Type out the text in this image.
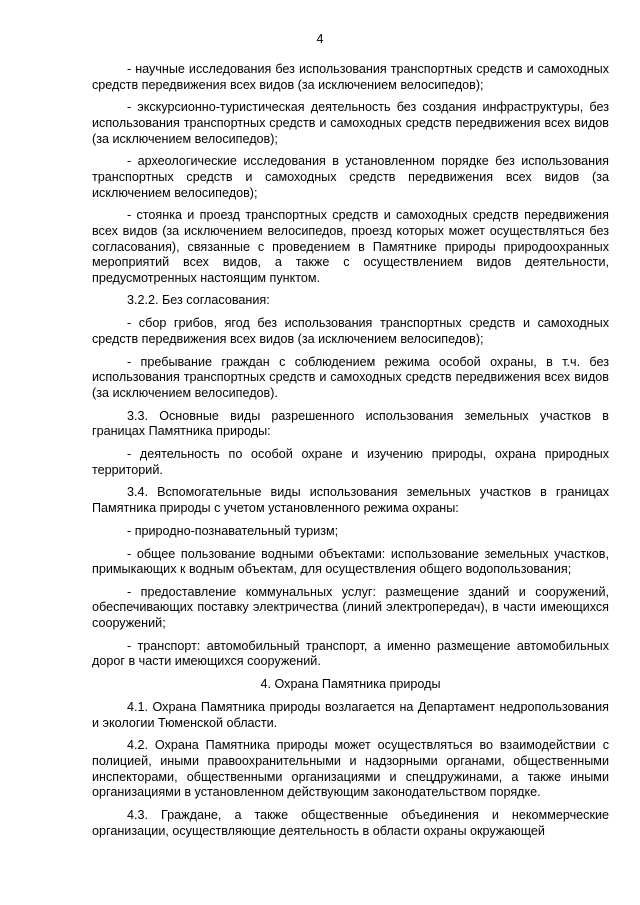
4

- научные исследования без использования транспортных средств и самоходных средств передвижения всех видов (за исключением велосипедов);

- экскурсионно-туристическая деятельность без создания инфраструктуры, без использования транспортных средств и самоходных средств передвижения всех видов (за исключением велосипедов);

- археологические исследования в установленном порядке без использования транспортных средств и самоходных средств передвижения всех видов (за исключением велосипедов);

- стоянка и проезд транспортных средств и самоходных средств передвижения всех видов (за исключением велосипедов, проезд которых может осуществляться без согласования), связанные с проведением в Памятнике природы природоохранных мероприятий всех видов, а также с осуществлением видов деятельности, предусмотренных настоящим пунктом.

3.2.2. Без согласования:

- сбор грибов, ягод без использования транспортных средств и самоходных средств передвижения всех видов (за исключением велосипедов);

- пребывание граждан с соблюдением режима особой охраны, в т.ч. без использования транспортных средств и самоходных средств передвижения всех видов (за исключением велосипедов).

3.3. Основные виды разрешенного использования земельных участков в границах Памятника природы:

- деятельность по особой охране и изучению природы, охрана природных территорий.

3.4. Вспомогательные виды использования земельных участков в границах Памятника природы с учетом установленного режима охраны:

- природно-познавательный туризм;

- общее пользование водными объектами: использование земельных участков, примыкающих к водным объектам, для осуществления общего водопользования;

- предоставление коммунальных услуг: размещение зданий и сооружений, обеспечивающих поставку электричества (линий электропередач), в части имеющихся сооружений;

- транспорт: автомобильный транспорт, а именно размещение автомобильных дорог в части имеющихся сооружений.

4. Охрана Памятника природы

4.1. Охрана Памятника природы возлагается на Департамент недропользования и экологии Тюменской области.

4.2. Охрана Памятника природы может осуществляться во взаимодействии с полицией, иными правоохранительными и надзорными органами, общественными инспекторами, общественными организациями и спецдружинами, а также иными организациями в установленном действующим законодательством порядке.

4.3. Граждане, а также общественные объединения и некоммерческие организации, осуществляющие деятельность в области охраны окружающей
